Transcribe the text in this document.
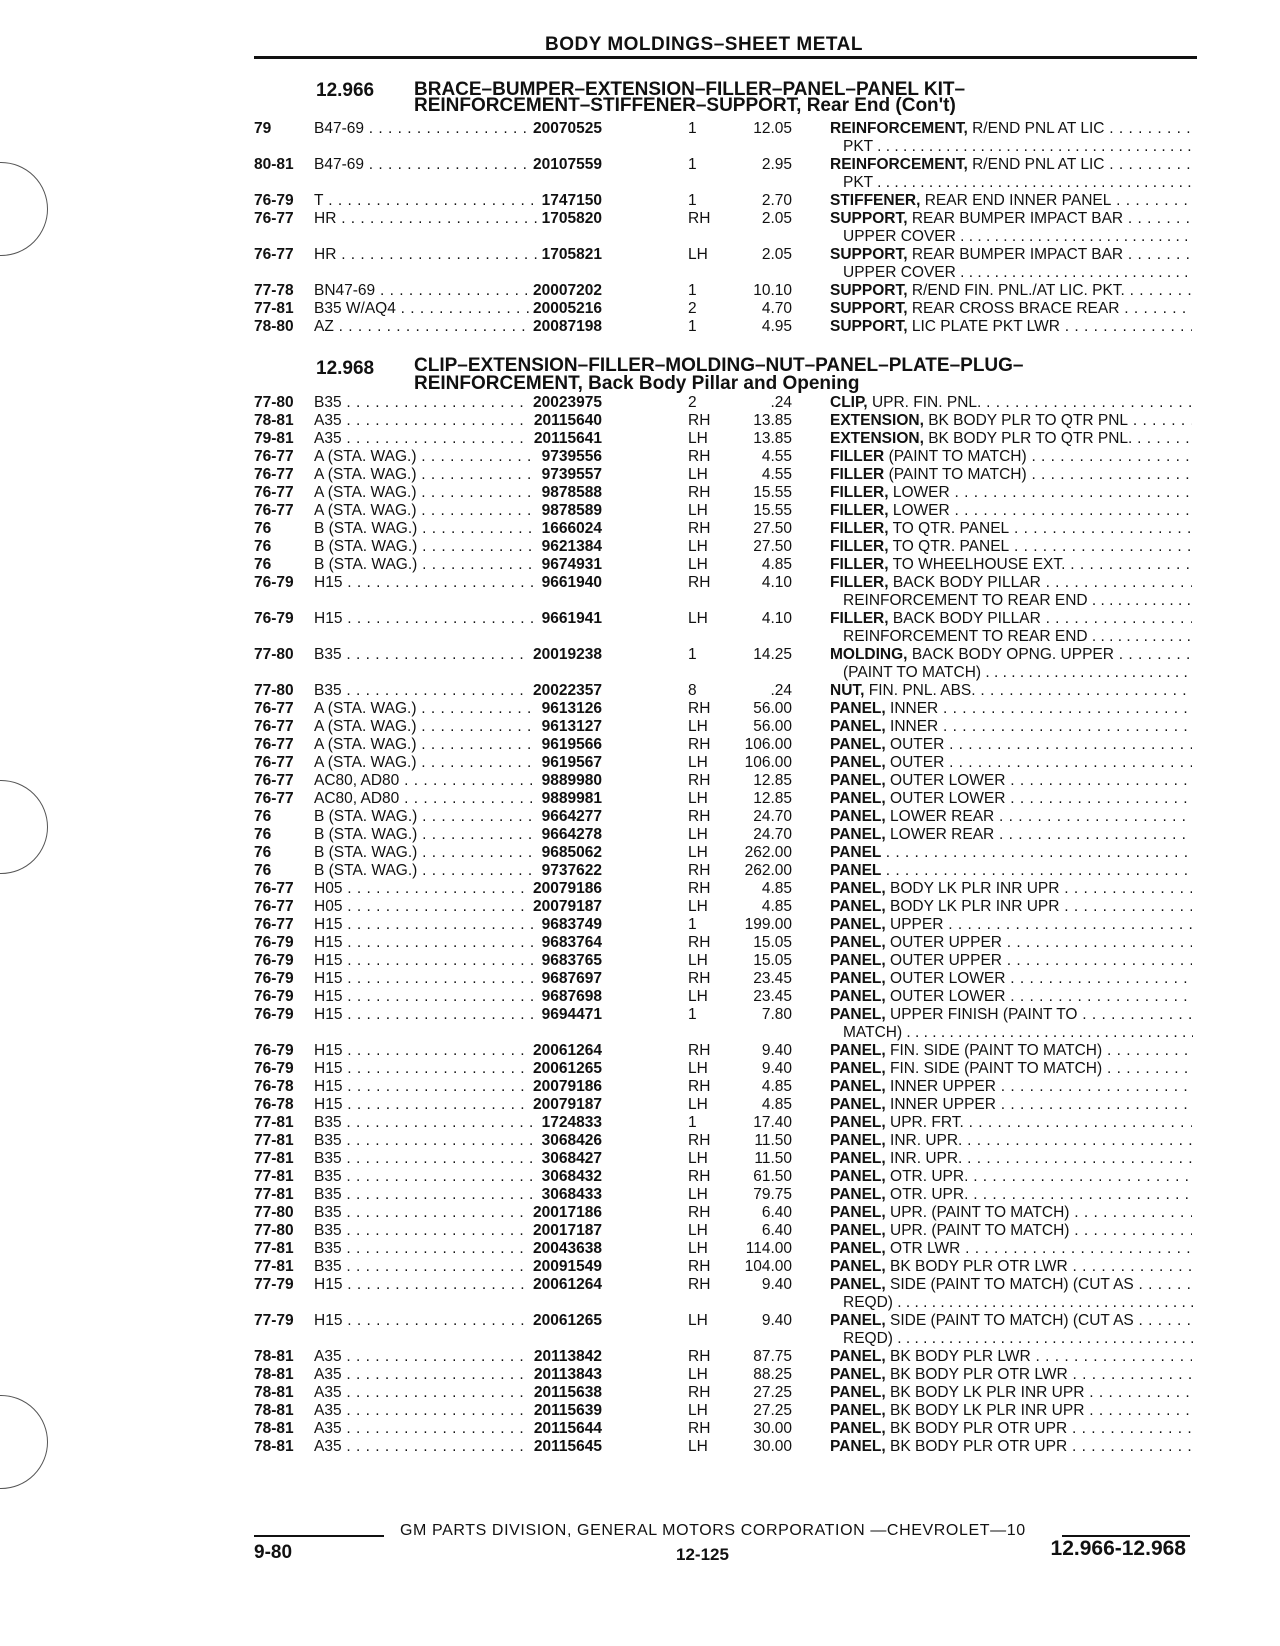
BODY MOLDINGS–SHEET METAL
12.966 BRACE–BUMPER–EXTENSION–FILLER–PANEL–PANEL KIT–
REINFORCEMENT–STIFFENER–SUPPORT, Rear End (Con't)
79	B47-69 . . .	20070525	1	12.05 REINFORCEMENT, R/END PNL AT LIC . . .
PKT . . .
80-81 B47-69 . . .	20107559	1	2.95 REINFORCEMENT, R/END PNL AT LIC . . .
PKT . . .
76-79 T . . .	1747150	1	2.70 STIFFENER, REAR END INNER PANEL . . .
76-77 HR . . .	1705820	RH	2.05 SUPPORT, REAR BUMPER IMPACT BAR . . .
UPPER COVER . . .
76-77 HR . . .	1705821	LH	2.05 SUPPORT, REAR BUMPER IMPACT BAR . . .
UPPER COVER . . .
77-78 BN47-69 . . .	20007202	1	10.10 SUPPORT, R/END FIN. PNL./AT LIC. PKT. . . .
77-81 B35 W/AQ4 . . .	20005216	2	4.70 SUPPORT, REAR CROSS BRACE REAR . . .
78-80 AZ . . .	20087198	1	4.95 SUPPORT, LIC PLATE PKT LWR . . .
12.968 CLIP–EXTENSION–FILLER–MOLDING–NUT–PANEL–PLATE–PLUG–
REINFORCEMENT, Back Body Pillar and Opening
77-80 B35 . . .	20023975	2	.24 CLIP, UPR. FIN. PNL. . . .
78-81 A35 . . .	20115640	RH	13.85 EXTENSION, BK BODY PLR TO QTR PNL . . .
79-81 A35 . . .	20115641	LH	13.85 EXTENSION, BK BODY PLR TO QTR PNL. . . .
76-77 A (STA. WAG.) . . .	9739556	RH	4.55 FILLER (PAINT TO MATCH) . . .
76-77 A (STA. WAG.) . . .	9739557	LH	4.55 FILLER (PAINT TO MATCH) . . .
76-77 A (STA. WAG.) . . .	9878588	RH	15.55 FILLER, LOWER . . .
76-77 A (STA. WAG.) . . .	9878589	LH	15.55 FILLER, LOWER . . .
76	B (STA. WAG.) . . .	1666024	RH	27.50 FILLER, TO QTR. PANEL . . .
76	B (STA. WAG.) . . .	9621384	LH	27.50 FILLER, TO QTR. PANEL . . .
76	B (STA. WAG.) . . .	9674931	LH	4.85 FILLER, TO WHEELHOUSE EXT. . . .
76-79 H15 . . .	9661940	RH	4.10 FILLER, BACK BODY PILLAR . . .
REINFORCEMENT TO REAR END . . .
76-79 H15 . . .	9661941	LH	4.10 FILLER, BACK BODY PILLAR . . .
REINFORCEMENT TO REAR END . . .
77-80 B35 . . .	20019238	1	14.25 MOLDING, BACK BODY OPNG. UPPER . . .
(PAINT TO MATCH) . . .
77-80 B35 . . .	20022357	8	.24 NUT, FIN. PNL. ABS. . . .
76-77 A (STA. WAG.) . . .	9613126	RH	56.00 PANEL, INNER . . .
76-77 A (STA. WAG.) . . .	9613127	LH	56.00 PANEL, INNER . . .
76-77 A (STA. WAG.) . . .	9619566	RH 106.00 PANEL, OUTER . . .
76-77 A (STA. WAG.) . . .	9619567	LH 106.00 PANEL, OUTER . . .
76-77 AC80, AD80 . . .	9889980	RH	12.85 PANEL, OUTER LOWER . . .
76-77 AC80, AD80 . . .	9889981	LH	12.85 PANEL, OUTER LOWER . . .
76	B (STA. WAG.) . . .	9664277	RH	24.70 PANEL, LOWER REAR . . .
76	B (STA. WAG.) . . .	9664278	LH	24.70 PANEL, LOWER REAR . . .
76	B (STA. WAG.) . . .	9685062	LH 262.00 PANEL . . .
76	B (STA. WAG.) . . .	9737622	RH 262.00 PANEL . . .
76-77 H05 . . .	20079186	RH	4.85 PANEL, BODY LK PLR INR UPR . . .
76-77 H05 . . .	20079187	LH	4.85 PANEL, BODY LK PLR INR UPR . . .
76-77 H15 . . .	9683749	1	199.00 PANEL, UPPER . . .
76-79 H15 . . .	9683764	RH	15.05 PANEL, OUTER UPPER . . .
76-79 H15 . . .	9683765	LH	15.05 PANEL, OUTER UPPER . . .
76-79 H15 . . .	9687697	RH	23.45 PANEL, OUTER LOWER . . .
76-79 H15 . . .	9687698	LH	23.45 PANEL, OUTER LOWER . . .
76-79 H15 . . .	9694471	1	7.80 PANEL, UPPER FINISH (PAINT TO . . .
MATCH) . . .
76-79 H15 . . .	20061264	RH	9.40 PANEL, FIN. SIDE (PAINT TO MATCH) . . .
76-79 H15 . . .	20061265	LH	9.40 PANEL, FIN. SIDE (PAINT TO MATCH) . . .
76-78 H15 . . .	20079186	RH	4.85 PANEL, INNER UPPER . . .
76-78 H15 . . .	20079187	LH	4.85 PANEL, INNER UPPER . . .
77-81 B35 . . .	1724833	1	17.40 PANEL, UPR. FRT. . . .
77-81 B35 . . .	3068426	RH	11.50 PANEL, INR. UPR. . . .
77-81 B35 . . .	3068427	LH	11.50 PANEL, INR. UPR. . . .
77-81 B35 . . .	3068432	RH	61.50 PANEL, OTR. UPR. . . .
77-81 B35 . . .	3068433	LH	79.75 PANEL, OTR. UPR. . . .
77-80 B35 . . .	20017186	RH	6.40 PANEL, UPR. (PAINT TO MATCH) . . .
77-80 B35 . . .	20017187	LH	6.40 PANEL, UPR. (PAINT TO MATCH) . . .
77-81 B35 . . .	20043638	LH 114.00 PANEL, OTR LWR . . .
77-81 B35 . . .	20091549	RH 104.00 PANEL, BK BODY PLR OTR LWR . . .
77-79 H15 . . .	20061264	RH	9.40 PANEL, SIDE (PAINT TO MATCH) (CUT AS . . .
REQD) . . .
77-79 H15 . . .	20061265	LH	9.40 PANEL, SIDE (PAINT TO MATCH) (CUT AS . . .
REQD) . . .
78-81 A35 . . .	20113842	RH	87.75 PANEL, BK BODY PLR LWR . . .
78-81 A35 . . .	20113843	LH	88.25 PANEL, BK BODY PLR OTR LWR . . .
78-81 A35 . . .	20115638	RH	27.25 PANEL, BK BODY LK PLR INR UPR . . .
78-81 A35 . . .	20115639	LH	27.25 PANEL, BK BODY LK PLR INR UPR . . .
78-81 A35 . . .	20115644	RH	30.00 PANEL, BK BODY PLR OTR UPR . . .
78-81 A35 . . .	20115645	LH	30.00 PANEL, BK BODY PLR OTR UPR . . .
GM PARTS DIVISION, GENERAL MOTORS CORPORATION —CHEVROLET—10
9-80	12-125	12.966-12.968
